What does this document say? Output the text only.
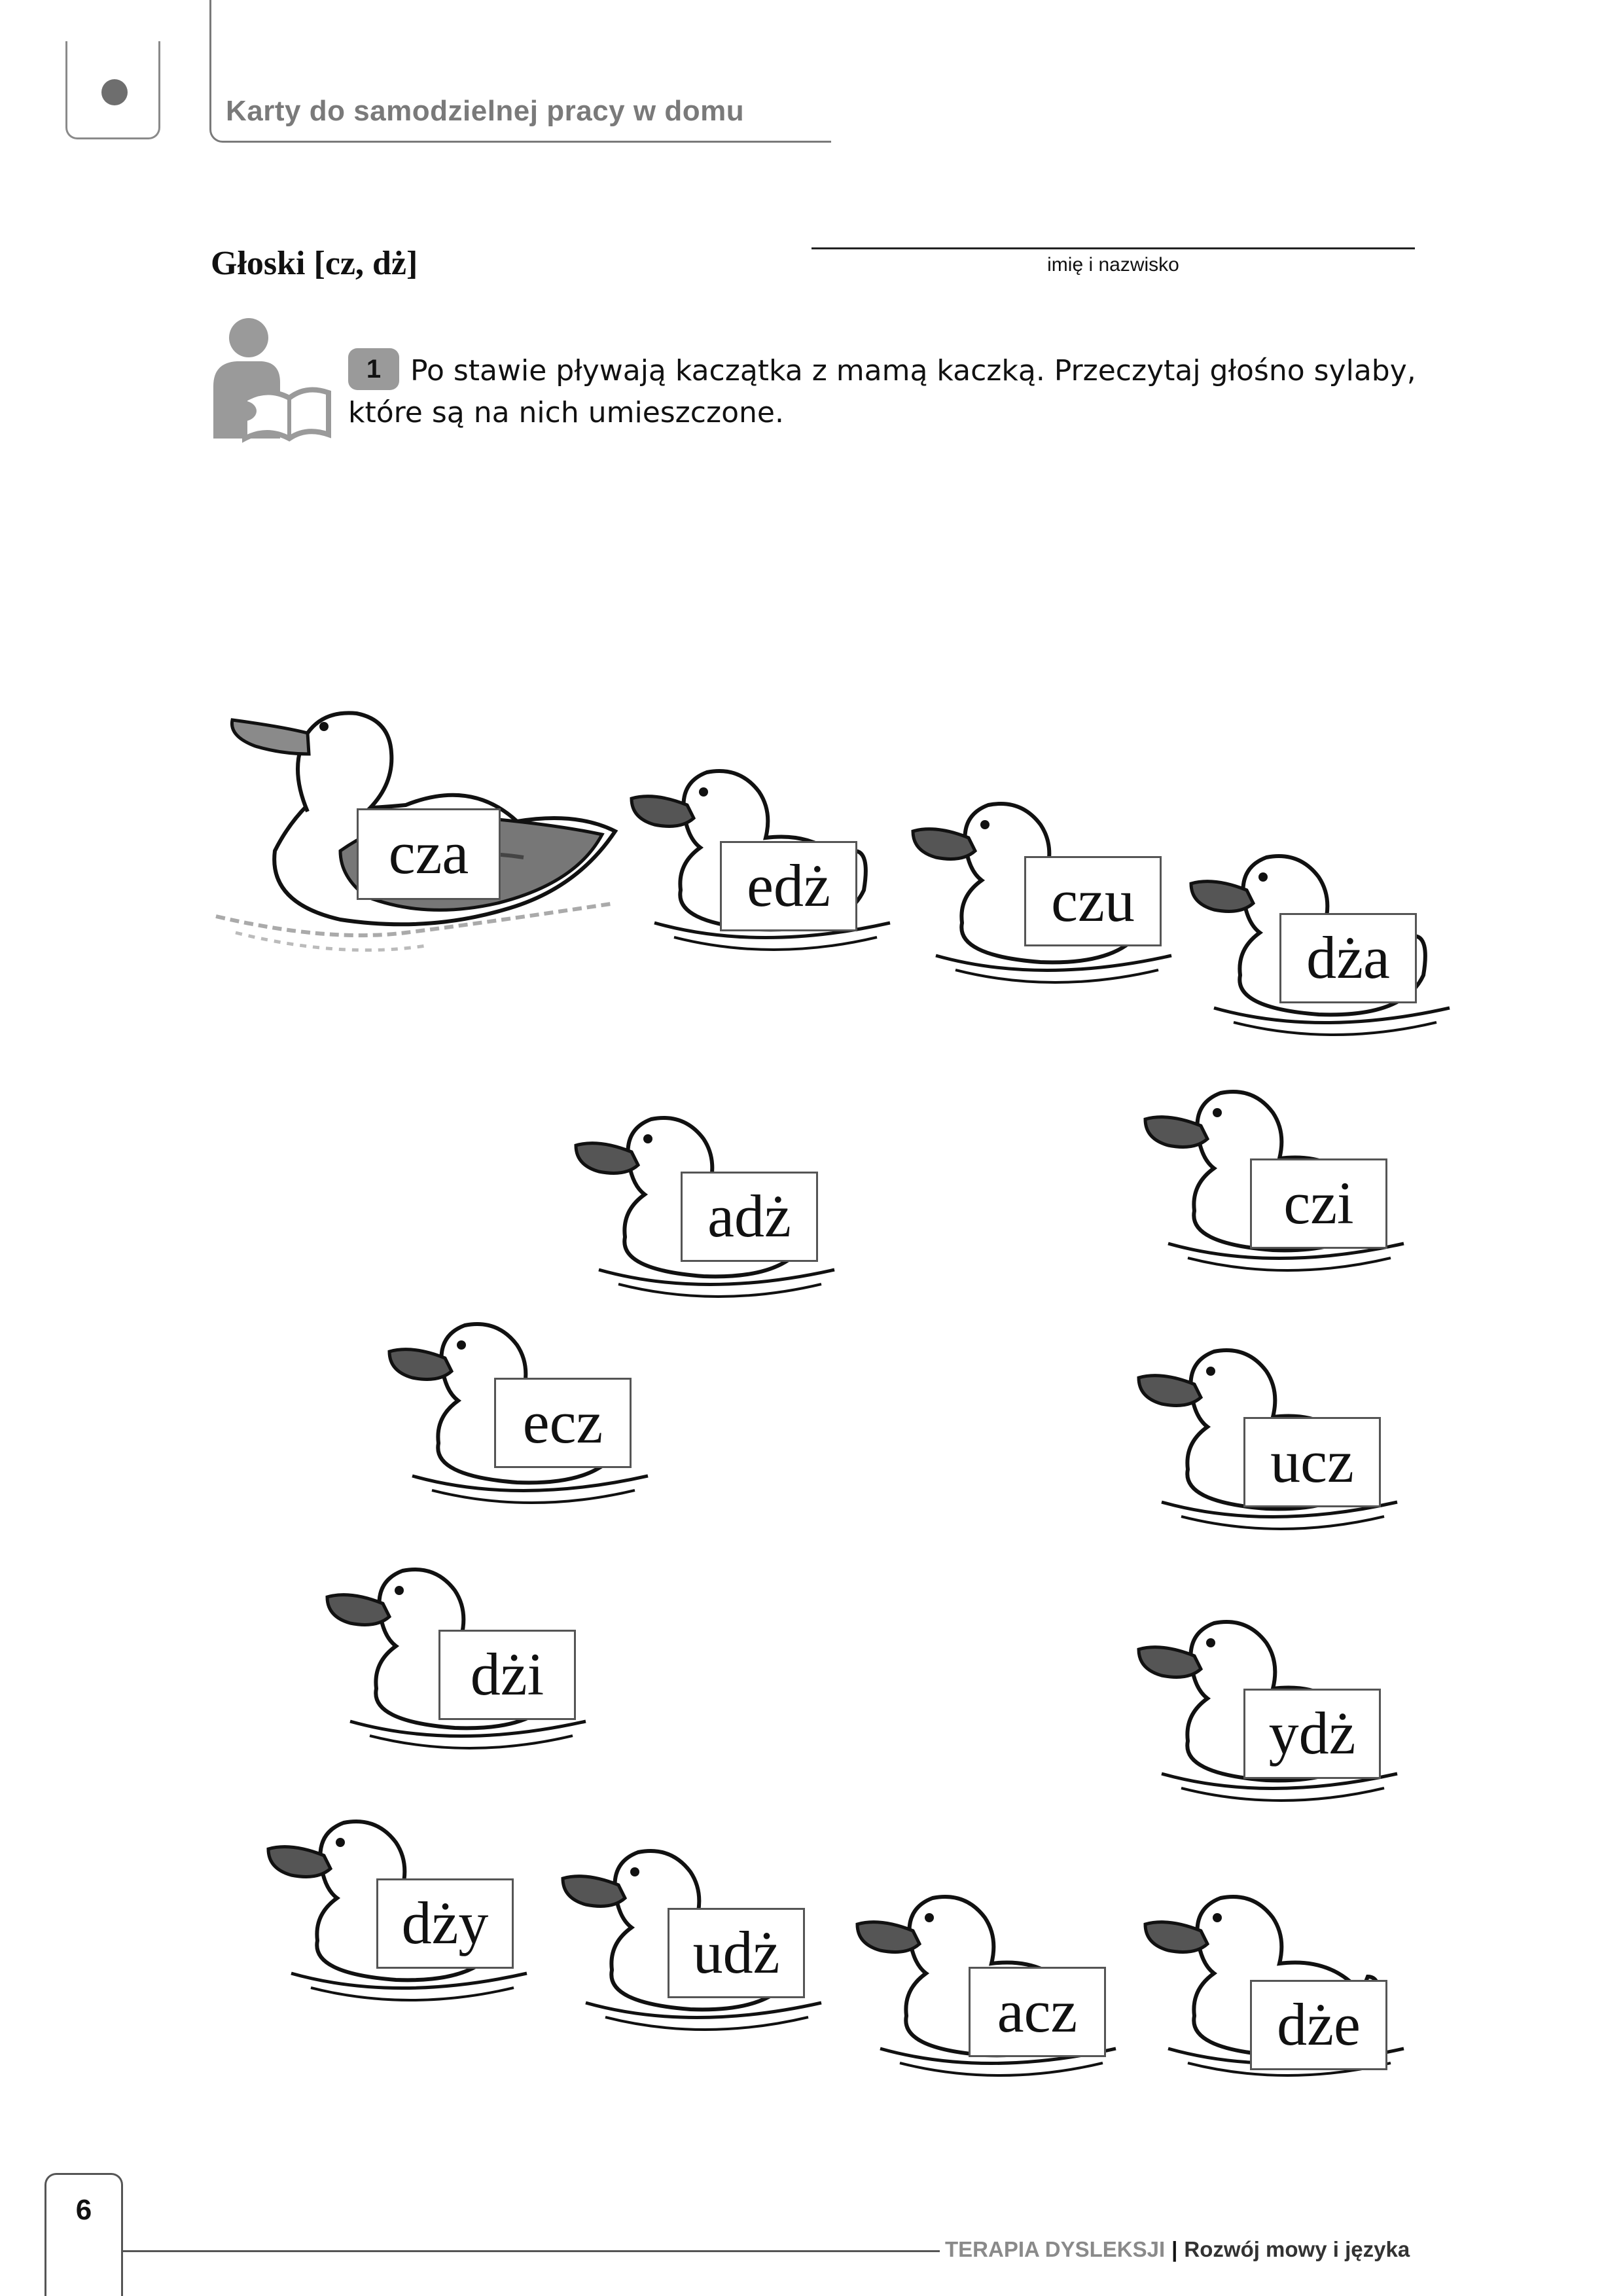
Karty do samodzielnej pracy w domu
Głoski [cz, dż]	imię i nazwisko
Po stawie pływają kaczątka z mamą kaczką. Przeczytaj głośno sylaby, które są na nich umieszczone.
1
cza	edż	czu
dża
adż	czi
ecz
ucz
dżi
ydż
dży	udż
acz	dże
6
TERAPIA DYSLEKSJI | Rozwój mowy i języka
